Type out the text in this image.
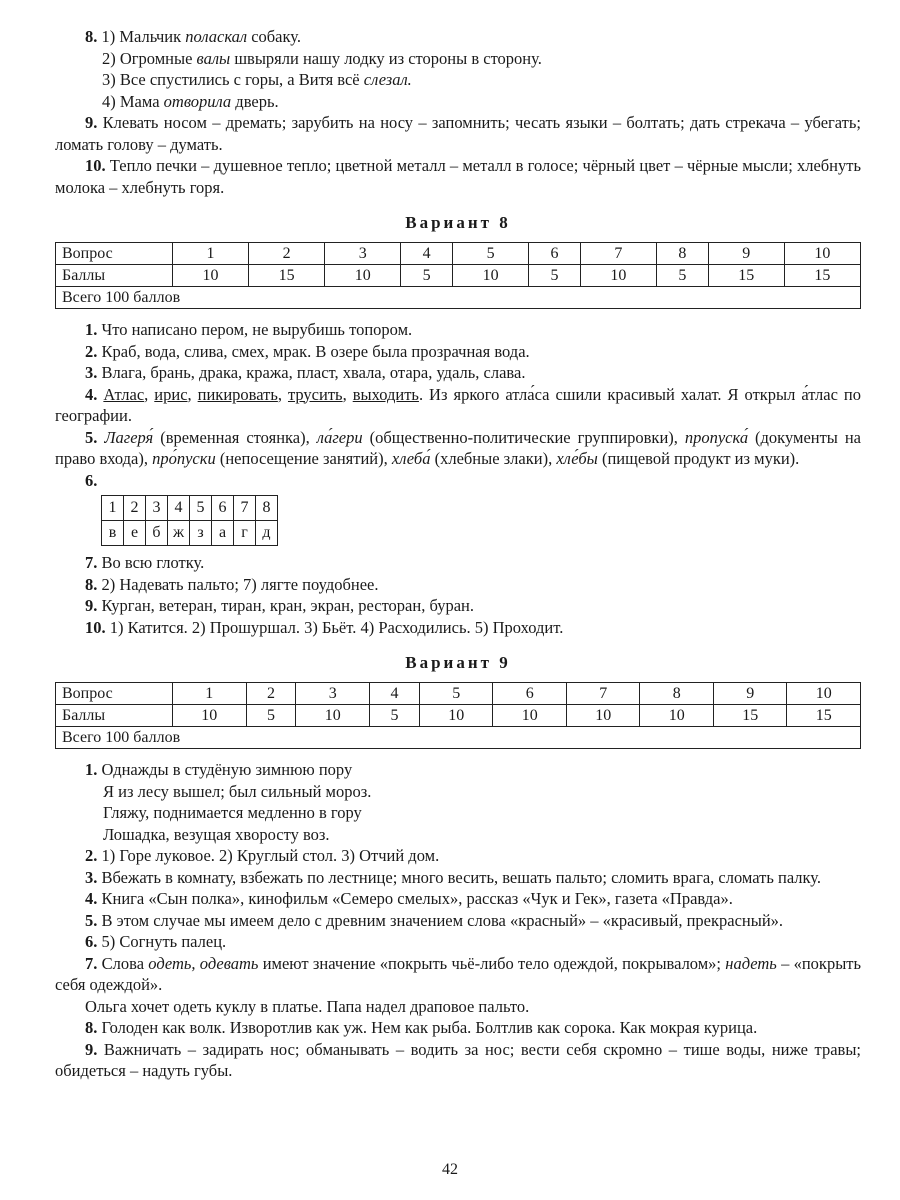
8. 1) Мальчик поласкал собаку.

2) Огромные валы швыряли нашу лодку из стороны в сторону.

3) Все спустились с горы, а Витя всё слезал.

4) Мама отворила дверь.

9. Клевать носом – дремать; зарубить на носу – запомнить; чесать языки – болтать; дать стрекача – убегать; ломать голову – думать.

10. Тепло печки – душевное тепло; цветной металл – металл в голосе; чёрный цвет – чёрные мысли; хлебнуть молока – хлебнуть горя.

Вариант 8
Вопрос	1	2	3	4	5	6	7	8	9	10
Баллы	10	15	10	5	10	5	10	5	15	15
Всего 100 баллов										

1. Что написано пером, не вырубишь топором.

2. Краб, вода, слива, смех, мрак. В озере была прозрачная вода.

3. Влага, брань, драка, кража, пласт, хвала, отара, удаль, слава.

4. Атлас, ирис, пикировать, трусить, выходить. Из яркого атла́са сшили красивый халат. Я открыл а́тлас по географии.

5. Лагеря́ (временная стоянка), ла́гери (общественно-политические группировки), пропуска́ (документы на право входа), про́пуски (непосещение занятий), хлеба́ (хлебные злаки), хле́бы (пищевой продукт из муки).

6.

1	2	3	4	5	6	7	8
в	е	б	ж	з	а	г	д

7. Во всю глотку.

8. 2) Надевать пальто; 7) лягте поудобнее.

9. Курган, ветеран, тиран, кран, экран, ресторан, буран.

10. 1) Катится. 2) Прошуршал. 3) Бьёт. 4) Расходились. 5) Проходит.

Вариант 9
Вопрос	1	2	3	4	5	6	7	8	9	10
Баллы	10	5	10	5	10	10	10	10	15	15
Всего 100 баллов										

1. Однажды в студёную зимнюю пору

Я из лесу вышел; был сильный мороз.

Гляжу, поднимается медленно в гору

Лошадка, везущая хворосту воз.

2. 1) Горе луковое. 2) Круглый стол. 3) Отчий дом.

3. Вбежать в комнату, взбежать по лестнице; много весить, вешать пальто; сломить врага, сломать палку.

4. Книга «Сын полка», кинофильм «Семеро смелых», рассказ «Чук и Гек», газета «Правда».

5. В этом случае мы имеем дело с древним значением слова «красный» – «красивый, прекрасный».

6. 5) Согнуть палец.

7. Слова одеть, одевать имеют значение «покрыть чьё-либо тело одеждой, покрывалом»; надеть – «покрыть себя одеждой».

Ольга хочет одеть куклу в платье. Папа надел драповое пальто.

8. Голоден как волк. Изворотлив как уж. Нем как рыба. Болтлив как сорока. Как мокрая курица.

9. Важничать – задирать нос; обманывать – водить за нос; вести себя скромно – тише воды, ниже травы; обидеться – надуть губы.

42
